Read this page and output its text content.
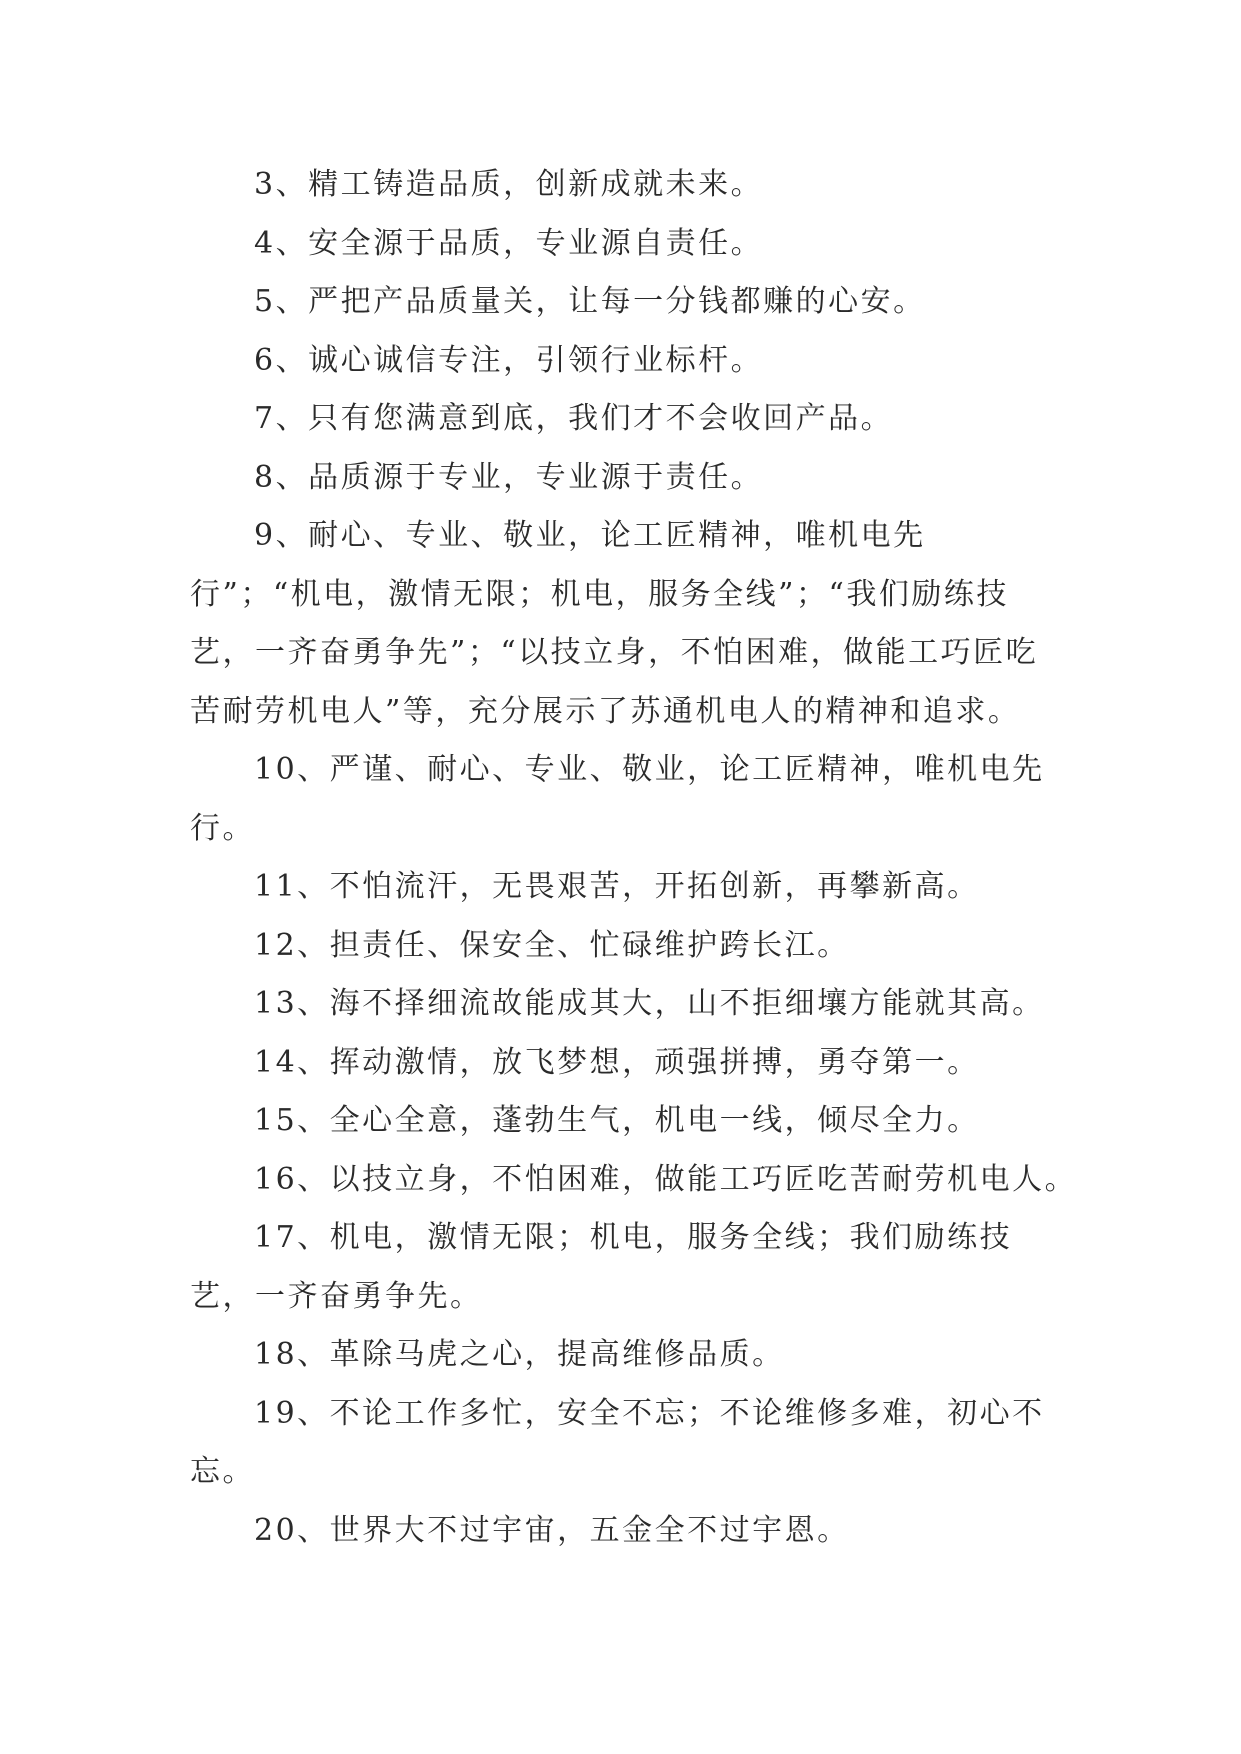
3、精工铸造品质，创新成就未来。

4、安全源于品质，专业源自责任。

5、严把产品质量关，让每一分钱都赚的心安。

6、诚心诚信专注，引领行业标杆。

7、只有您满意到底，我们才不会收回产品。

8、品质源于专业，专业源于责任。

9、耐心、专业、敬业，论工匠精神，唯机电先行”；“机电，激情无限；机电，服务全线”；“我们励练技艺，一齐奋勇争先”；“以技立身，不怕困难，做能工巧匠吃苦耐劳机电人”等，充分展示了苏通机电人的精神和追求。

10、严谨、耐心、专业、敬业，论工匠精神，唯机电先行。

11、不怕流汗，无畏艰苦，开拓创新，再攀新高。

12、担责任、保安全、忙碌维护跨长江。

13、海不择细流故能成其大，山不拒细壤方能就其高。

14、挥动激情，放飞梦想，顽强拼搏，勇夺第一。

15、全心全意，蓬勃生气，机电一线，倾尽全力。

16、以技立身，不怕困难，做能工巧匠吃苦耐劳机电人。

17、机电，激情无限；机电，服务全线；我们励练技艺，一齐奋勇争先。

18、革除马虎之心，提高维修品质。

19、不论工作多忙，安全不忘；不论维修多难，初心不忘。

20、世界大不过宇宙，五金全不过宇恩。
